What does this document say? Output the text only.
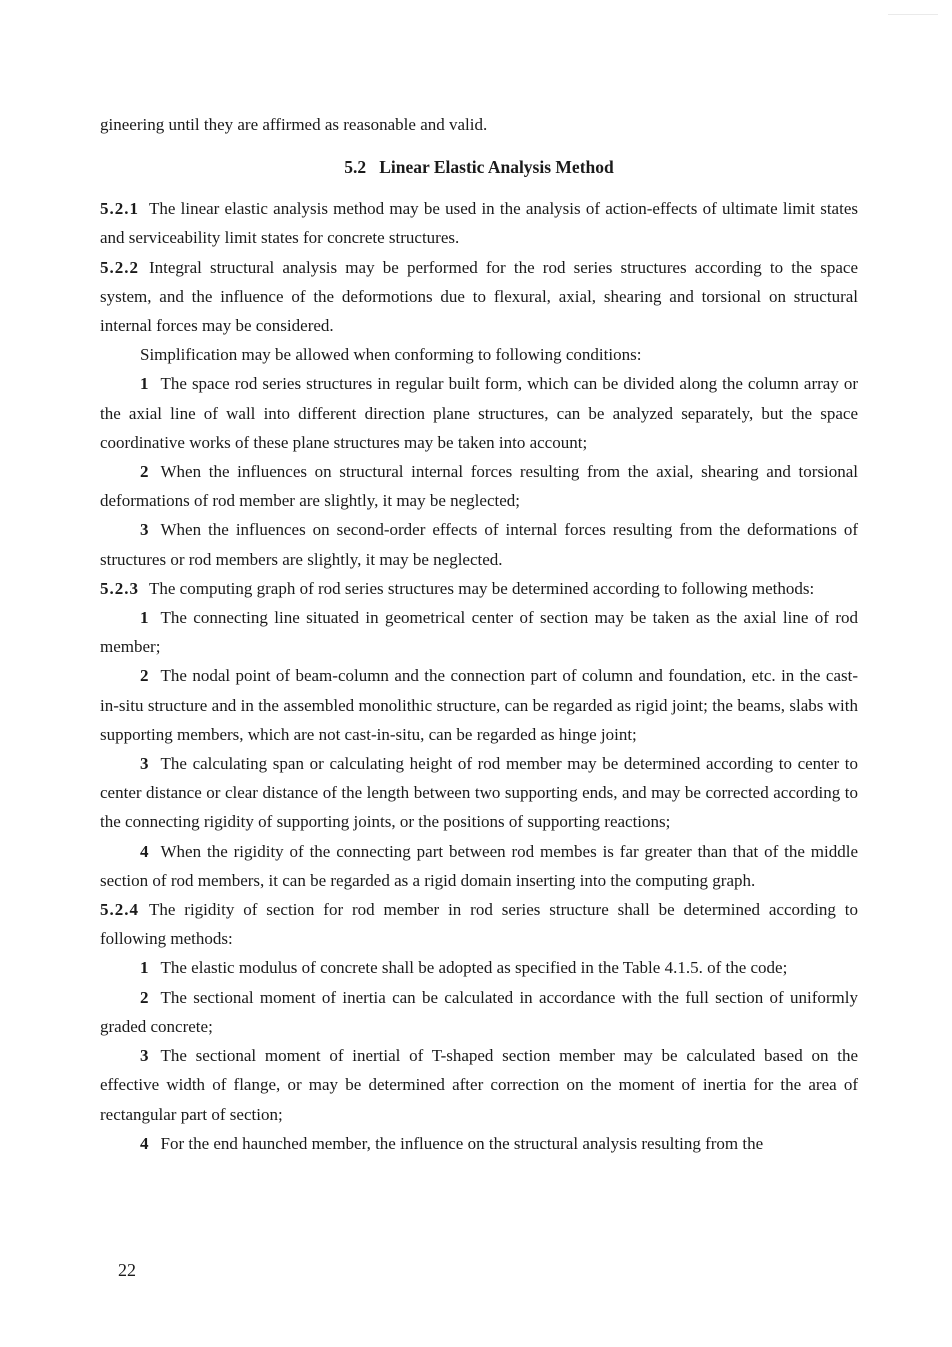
gineering until they are affirmed as reasonable and valid.

5.2 Linear Elastic Analysis Method

5.2.1 The linear elastic analysis method may be used in the analysis of action-effects of ultimate limit states and serviceability limit states for concrete structures.

5.2.2 Integral structural analysis may be performed for the rod series structures according to the space system, and the influence of the deformotions due to flexural, axial, shearing and torsional on structural internal forces may be considered.

Simplification may be allowed when conforming to following conditions:

1 The space rod series structures in regular built form, which can be divided along the column array or the axial line of wall into different direction plane structures, can be analyzed separately, but the space coordinative works of these plane structures may be taken into account;

2 When the influences on structural internal forces resulting from the axial, shearing and torsional deformations of rod member are slightly, it may be neglected;

3 When the influences on second-order effects of internal forces resulting from the deformations of structures or rod members are slightly, it may be neglected.

5.2.3 The computing graph of rod series structures may be determined according to following methods:

1 The connecting line situated in geometrical center of section may be taken as the axial line of rod member;

2 The nodal point of beam-column and the connection part of column and foundation, etc. in the cast-in-situ structure and in the assembled monolithic structure, can be regarded as rigid joint; the beams, slabs with supporting members, which are not cast-in-situ, can be regarded as hinge joint;

3 The calculating span or calculating height of rod member may be determined according to center to center distance or clear distance of the length between two supporting ends, and may be corrected according to the connecting rigidity of supporting joints, or the positions of supporting reactions;

4 When the rigidity of the connecting part between rod membes is far greater than that of the middle section of rod members, it can be regarded as a rigid domain inserting into the computing graph.

5.2.4 The rigidity of section for rod member in rod series structure shall be determined according to following methods:

1 The elastic modulus of concrete shall be adopted as specified in the Table 4.1.5. of the code;

2 The sectional moment of inertia can be calculated in accordance with the full section of uniformly graded concrete;

3 The sectional moment of inertial of T-shaped section member may be calculated based on the effective width of flange, or may be determined after correction on the moment of inertia for the area of rectangular part of section;

4 For the end haunched member, the influence on the structural analysis resulting from the

22
